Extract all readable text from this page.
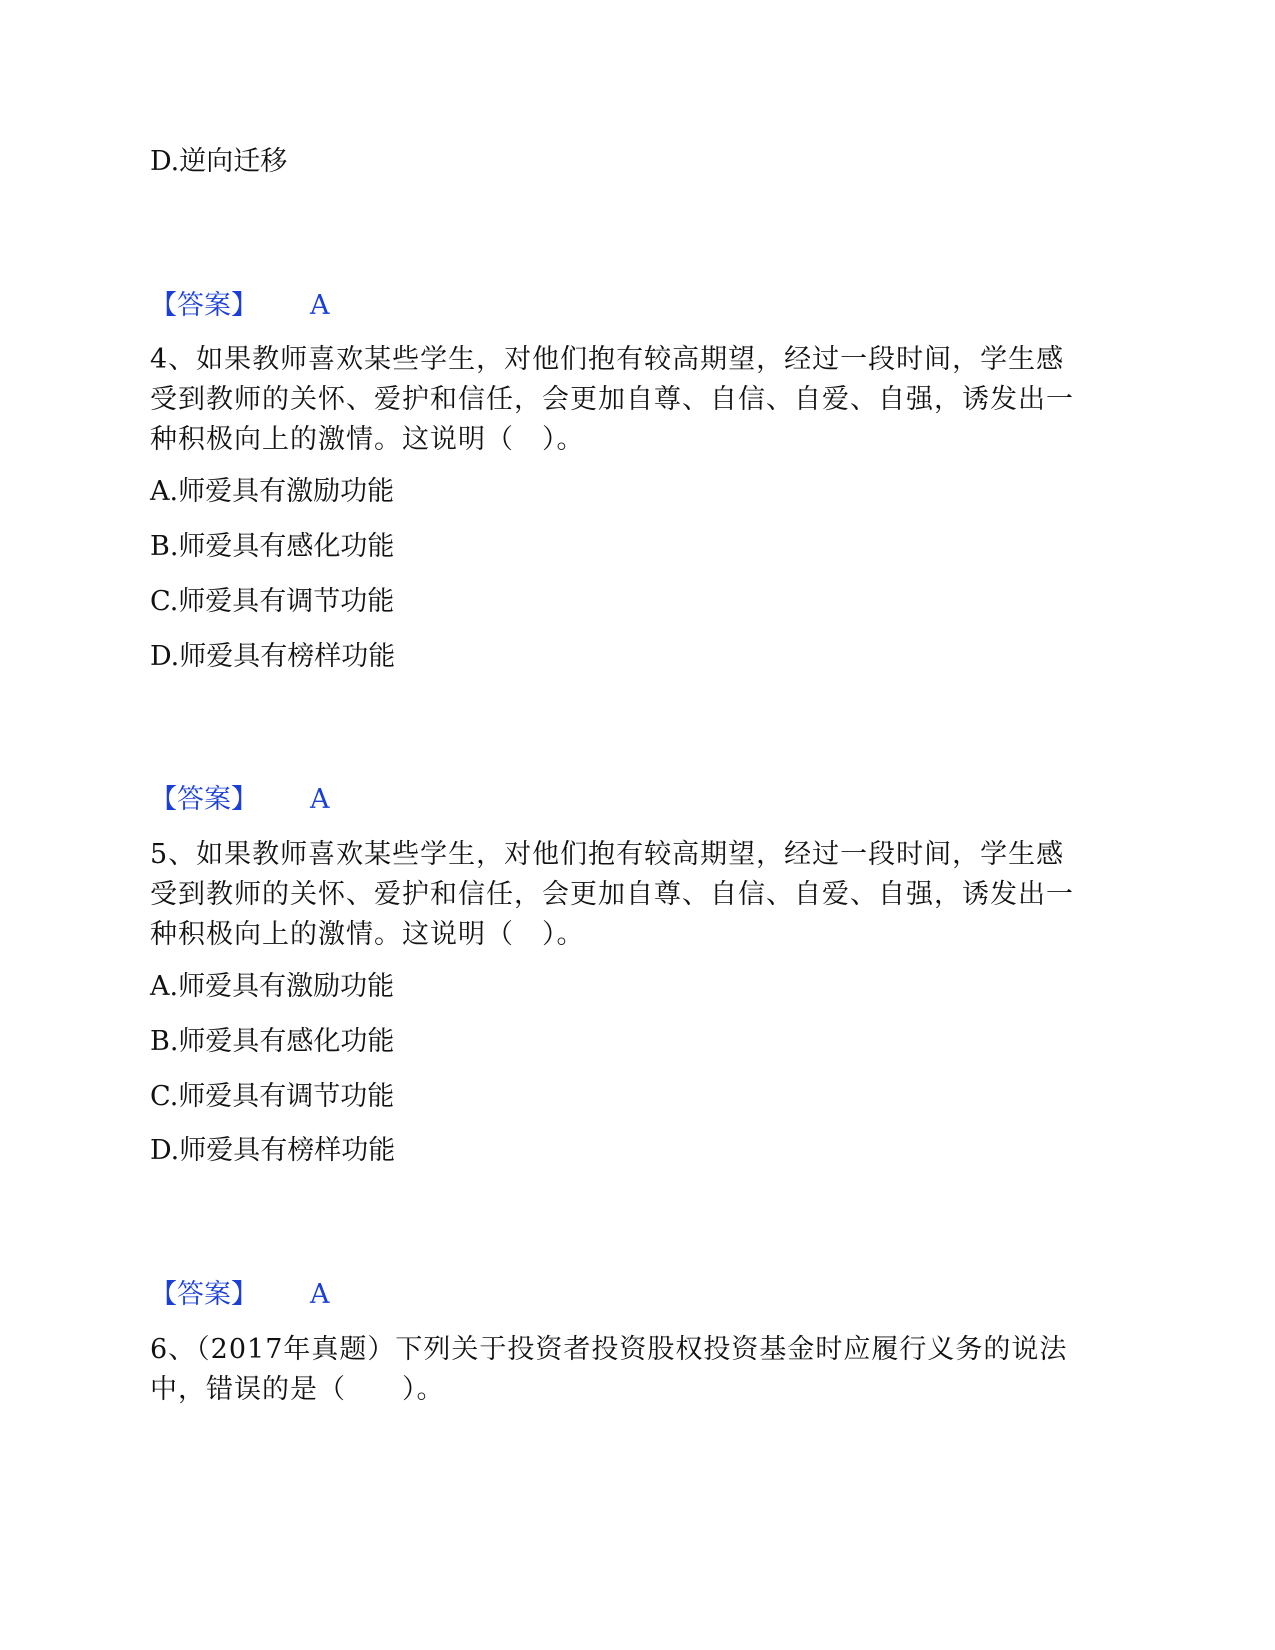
D.逆向迁移
【答案】 A
4、如果教师喜欢某些学生，对他们抱有较高期望，经过一段时间，学生感
受到教师的关怀、爱护和信任，会更加自尊、自信、自爱、自强，诱发出一
种积极向上的激情。这说明（　）。
A.师爱具有激励功能
B.师爱具有感化功能
C.师爱具有调节功能
D.师爱具有榜样功能
【答案】 A
5、如果教师喜欢某些学生，对他们抱有较高期望，经过一段时间，学生感
受到教师的关怀、爱护和信任，会更加自尊、自信、自爱、自强，诱发出一
种积极向上的激情。这说明（　）。
A.师爱具有激励功能
B.师爱具有感化功能
C.师爱具有调节功能
D.师爱具有榜样功能
【答案】 A
6、（2017年真题）下列关于投资者投资股权投资基金时应履行义务的说法
中，错误的是（　　）。
